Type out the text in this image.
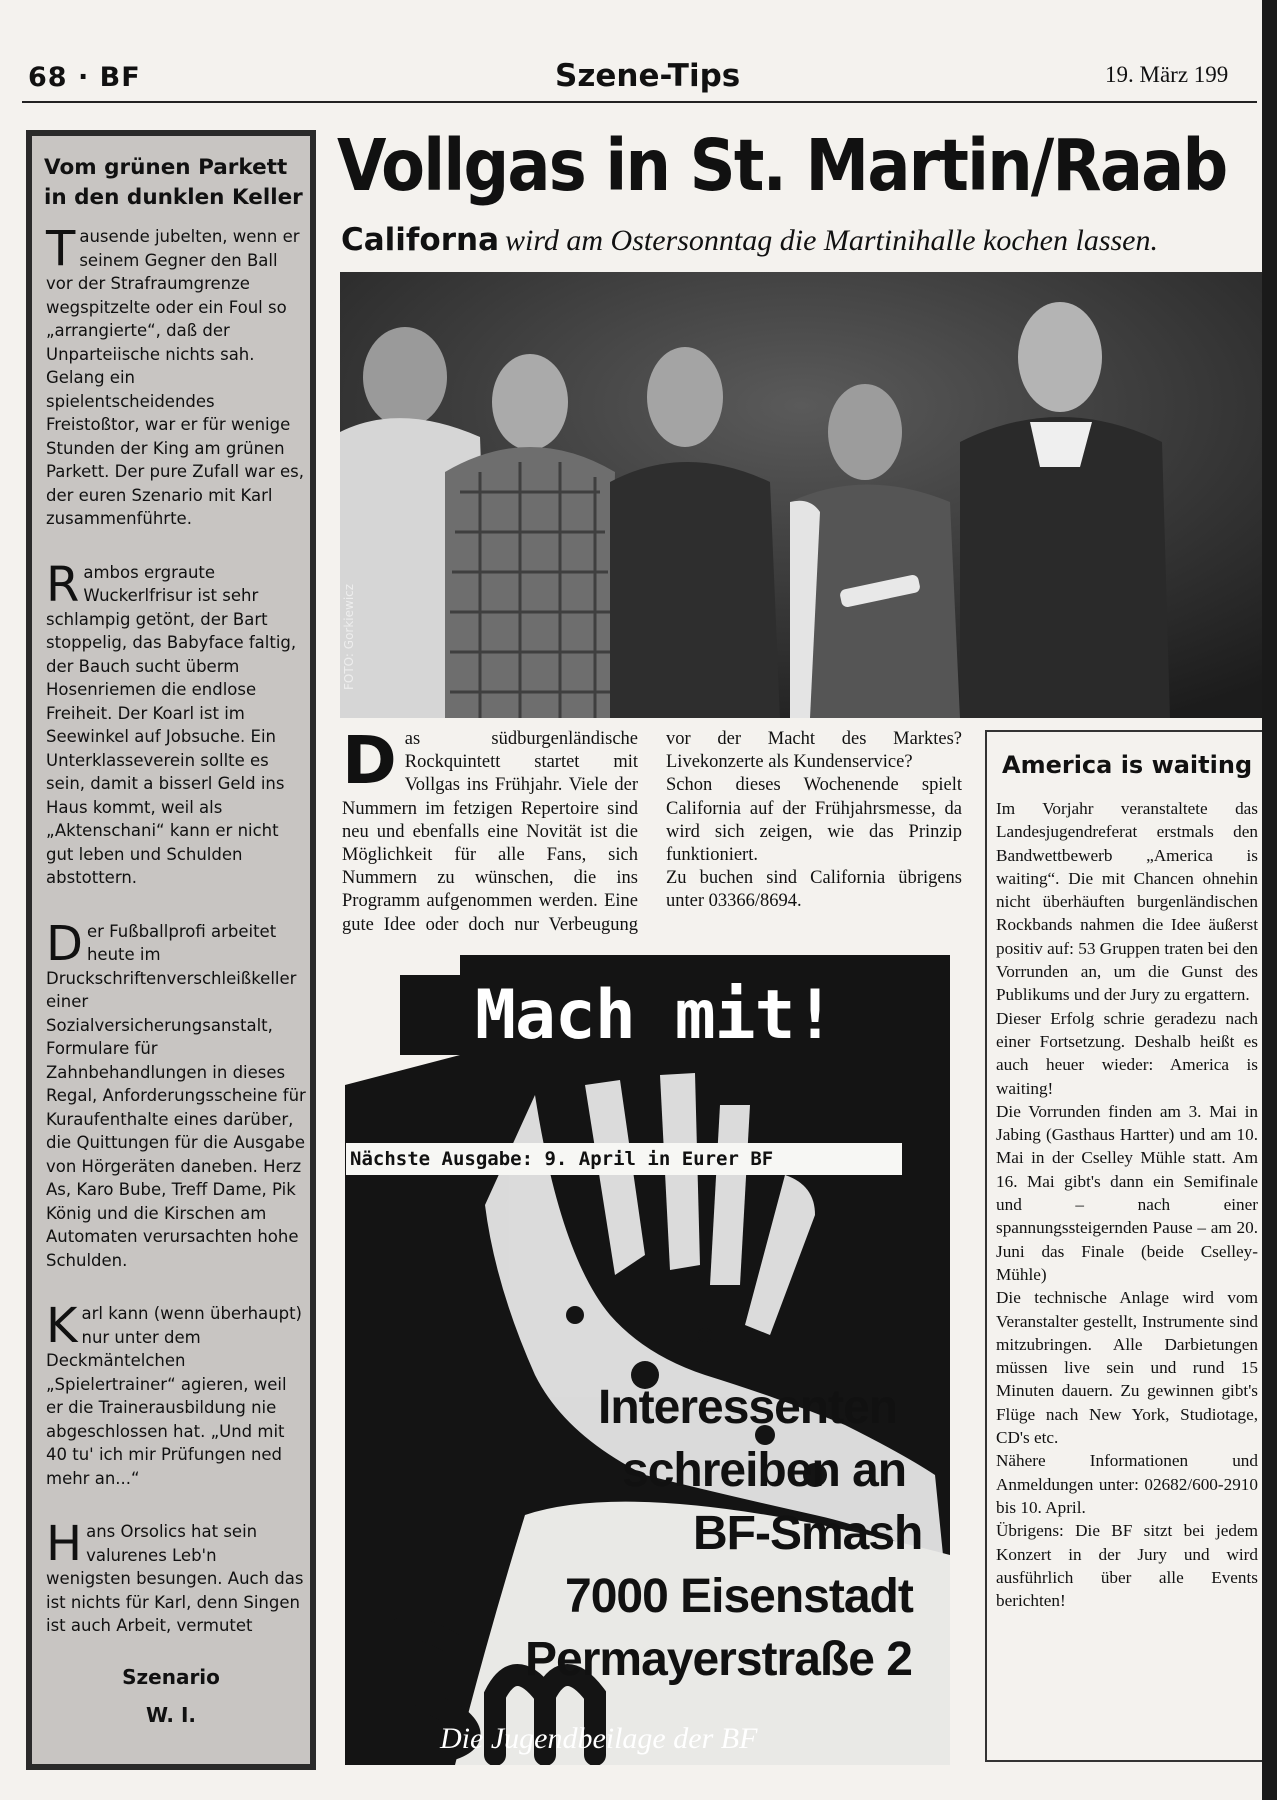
68 · BF	Szene-Tips	19. März 199
Vom grünen Parkett in den dunklen Keller

Tausende jubelten, wenn er seinem Gegner den Ball vor der Strafraumgrenze wegspitzelte oder ein Foul so „arrangierte“, daß der Unparteiische nichts sah. Gelang ein spielentscheidendes Freistoßtor, war er für wenige Stunden der King am grünen Parkett. Der pure Zufall war es, der euren Szenario mit Karl zusammenführte.

Rambos ergraute Wuckerlfrisur ist sehr schlampig getönt, der Bart stoppelig, das Babyface faltig, der Bauch sucht überm Hosenriemen die endlose Freiheit. Der Koarl ist im Seewinkel auf Jobsuche. Ein Unterklasseverein sollte es sein, damit a bisserl Geld ins Haus kommt, weil als „Aktenschani“ kann er nicht gut leben und Schulden abstottern.

Der Fußballprofi arbeitet heute im Druckschriftenverschleißkeller einer Sozialversicherungsanstalt, Formulare für Zahnbehandlungen in dieses Regal, Anforderungsscheine für Kuraufenthalte eines darüber, die Quittungen für die Ausgabe von Hörgeräten daneben. Herz As, Karo Bube, Treff Dame, Pik König und die Kirschen am Automaten verursachten hohe Schulden.

Karl kann (wenn überhaupt) nur unter dem Deckmäntelchen „Spielertrainer“ agieren, weil er die Trainerausbildung nie abgeschlossen hat. „Und mit 40 tu' ich mir Prüfungen ned mehr an...“

Hans Orsolics hat sein valurenes Leb'n wenigsten besungen. Auch das ist nichts für Karl, denn Singen ist auch Arbeit, vermutet

Szenario
W. I.
Vollgas in St. Martin/Raab
Californa wird am Ostersonntag die Martinihalle kochen lassen.
FOTO: Gorkiewicz

Das südburgenländische Rockquintett startet mit Vollgas ins Frühjahr. Viele der Nummern im fetzigen Repertoire sind neu und ebenfalls eine Novität ist die Möglichkeit für alle Fans, sich Nummern zu wünschen, die ins Programm aufgenommen werden. Eine gute Idee oder doch nur Verbeugung vor der Macht des Marktes? Livekonzerte als Kundenservice?

Schon dieses Wochenende spielt California auf der Frühjahrsmesse, da wird sich zeigen, wie das Prinzip funktioniert.

Zu buchen sind California übrigens unter 03366/8694.

America is waiting

Im Vorjahr veranstaltete das Landesjugendreferat erstmals den Bandwettbewerb „America is waiting“. Die mit Chancen ohnehin nicht überhäuften burgenländischen Rockbands nahmen die Idee äußerst positiv auf: 53 Gruppen traten bei den Vorrunden an, um die Gunst des Publikums und der Jury zu ergattern.

Dieser Erfolg schrie geradezu nach einer Fortsetzung. Deshalb heißt es auch heuer wieder: America is waiting!

Die Vorrunden finden am 3. Mai in Jabing (Gasthaus Hartter) und am 10. Mai in der Cselley Mühle statt. Am 16. Mai gibt's dann ein Semifinale und – nach einer spannungssteigernden Pause – am 20. Juni das Finale (beide Cselley-Mühle)

Die technische Anlage wird vom Veranstalter gestellt, Instrumente sind mitzubringen. Alle Darbietungen müssen live sein und rund 15 Minuten dauern. Zu gewinnen gibt's Flüge nach New York, Studiotage, CD's etc.

Nähere Informationen und Anmeldungen unter: 02682/600-2910 bis 10. April.

Übrigens: Die BF sitzt bei jedem Konzert in der Jury und wird ausführlich über alle Events berichten!

Mach mit!
Nächste Ausgabe: 9. April in Eurer BF
Interessenten
schreiben an
BF-Smash
7000 Eisenstadt
Permayerstraße 2
Die Jugendbeilage der BF
